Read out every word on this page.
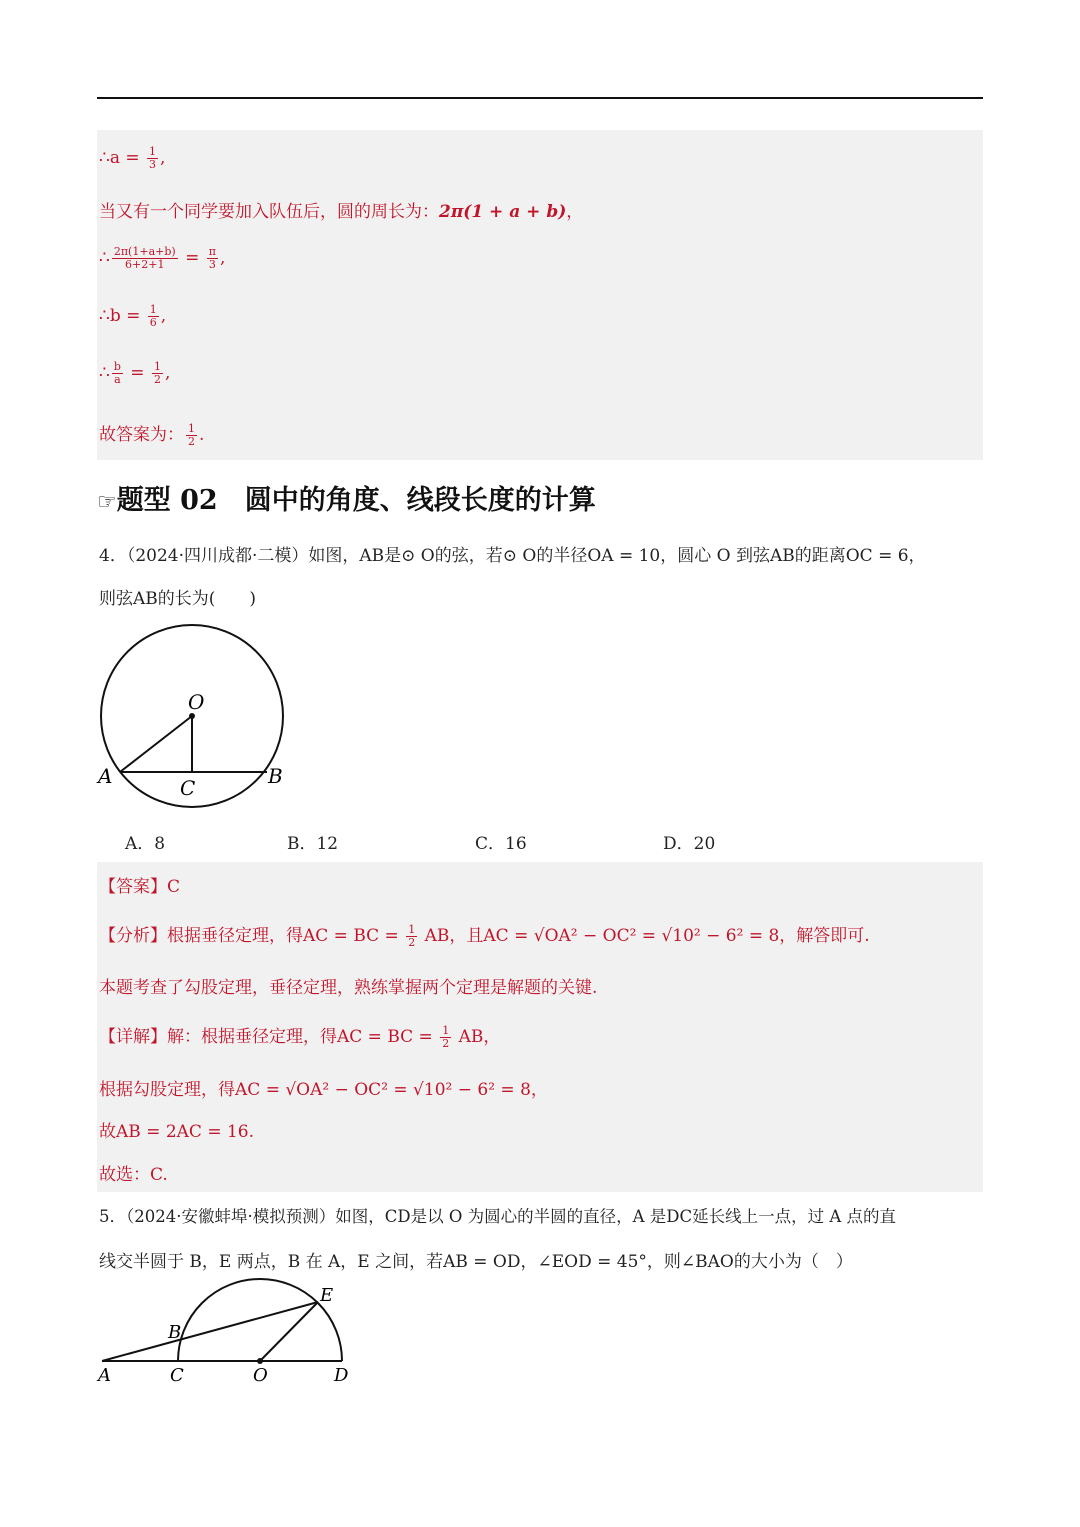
∴a = $\frac{1}{3}$ ,
当又有一个同学要加入队伍后，圆的周长为：2π(1 + a + b)，
∴ $\frac{2\pi(1+a+b)}{6+2+1} = \frac{\pi}{3}$ ,
∴b = $\frac{1}{6}$ ,
∴ $\frac{b}{a} = \frac{1}{2}$ ,
故答案为： $\frac{1}{2}$ .
☞题型 02　圆中的角度、线段长度的计算
4．（2024·四川成都·二模）如图，AB是⊙ O的弦，若⊙ O的半径OA = 10，圆心 O 到弦AB的距离OC = 6，
则弦AB的长为(　　)
O
A	B
C
A．8	B．12	C．16	D．20
【答案】C
【分析】根据垂径定理，得AC = BC = $\frac{1}{2}$ AB，且AC = √OA² − OC² = √10² − 6² = 8，解答即可.
本题考查了勾股定理，垂径定理，熟练掌握两个定理是解题的关键.
【详解】解：根据垂径定理，得AC = BC = $\frac{1}{2}$ AB，
根据勾股定理，得AC = √OA² − OC² = √10² − 6² = 8，
故AB = 2AC = 16.
故选：C.
5．（2024·安徽蚌埠·模拟预测）如图，CD是以 O 为圆心的半圆的直径，A 是DC延长线上一点，过 A 点的直
线交半圆于 B，E 两点，B 在 A，E 之间，若AB = OD，∠EOD = 45°，则∠BAO的大小为（　）
A
B
C	O	D
E
